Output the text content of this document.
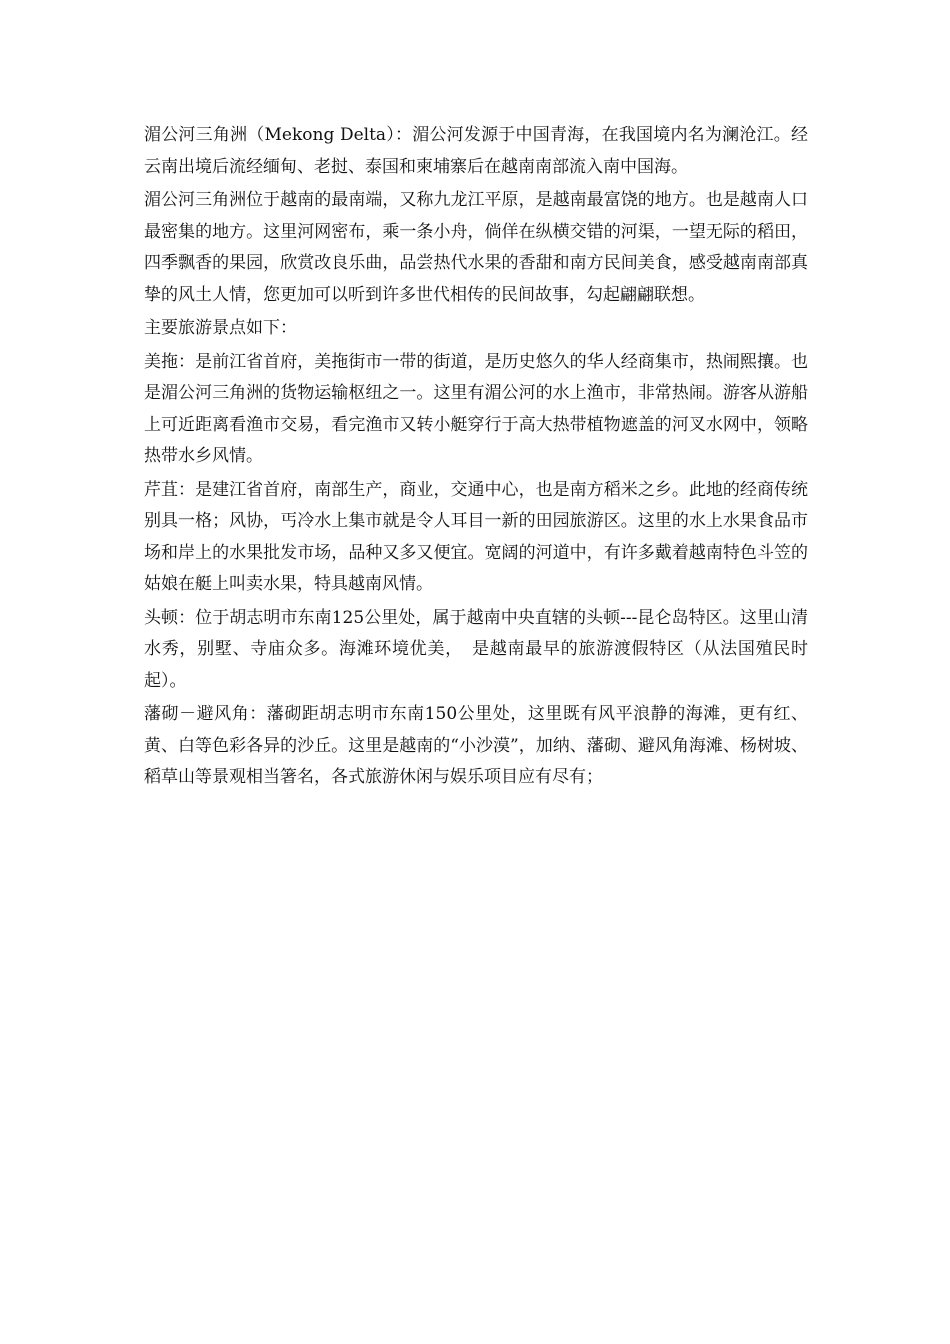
湄公河三角洲（Mekong Delta）：湄公河发源于中国青海，在我国境内名为澜沧江。经云南出境后流经缅甸、老挝、泰国和柬埔寨后在越南南部流入南中国海。

湄公河三角洲位于越南的最南端，又称九龙江平原，是越南最富饶的地方。也是越南人口最密集的地方。这里河网密布，乘一条小舟，倘佯在纵横交错的河渠，一望无际的稻田，四季飘香的果园，欣赏改良乐曲，品尝热代水果的香甜和南方民间美食，感受越南南部真挚的风土人情，您更加可以听到许多世代相传的民间故事，勾起翩翩联想。

主要旅游景点如下：

美拖：是前江省首府，美拖街市一带的街道，是历史悠久的华人经商集市，热闹熙攘。也是湄公河三角洲的货物运输枢纽之一。这里有湄公河的水上渔市，非常热闹。游客从游船上可近距离看渔市交易，看完渔市又转小艇穿行于高大热带植物遮盖的河叉水网中，领略热带水乡风情。

芹苴：是建江省首府，南部生产，商业，交通中心，也是南方稻米之乡。此地的经商传统别具一格；风协，丐冷水上集市就是令人耳目一新的田园旅游区。这里的水上水果食品市场和岸上的水果批发市场，品种又多又便宜。宽阔的河道中，有许多戴着越南特色斗笠的姑娘在艇上叫卖水果，特具越南风情。

头顿：位于胡志明市东南125公里处，属于越南中央直辖的头顿---昆仑岛特区。这里山清水秀，别墅、寺庙众多。海滩环境优美，　是越南最早的旅游渡假特区（从法国殖民时起）。

藩砌－避风角：藩砌距胡志明市东南150公里处，这里既有风平浪静的海滩，更有红、黄、白等色彩各异的沙丘。这里是越南的“小沙漠”，加纳、藩砌、避风角海滩、杨树坡、稻草山等景观相当箸名，各式旅游休闲与娱乐项目应有尽有；
